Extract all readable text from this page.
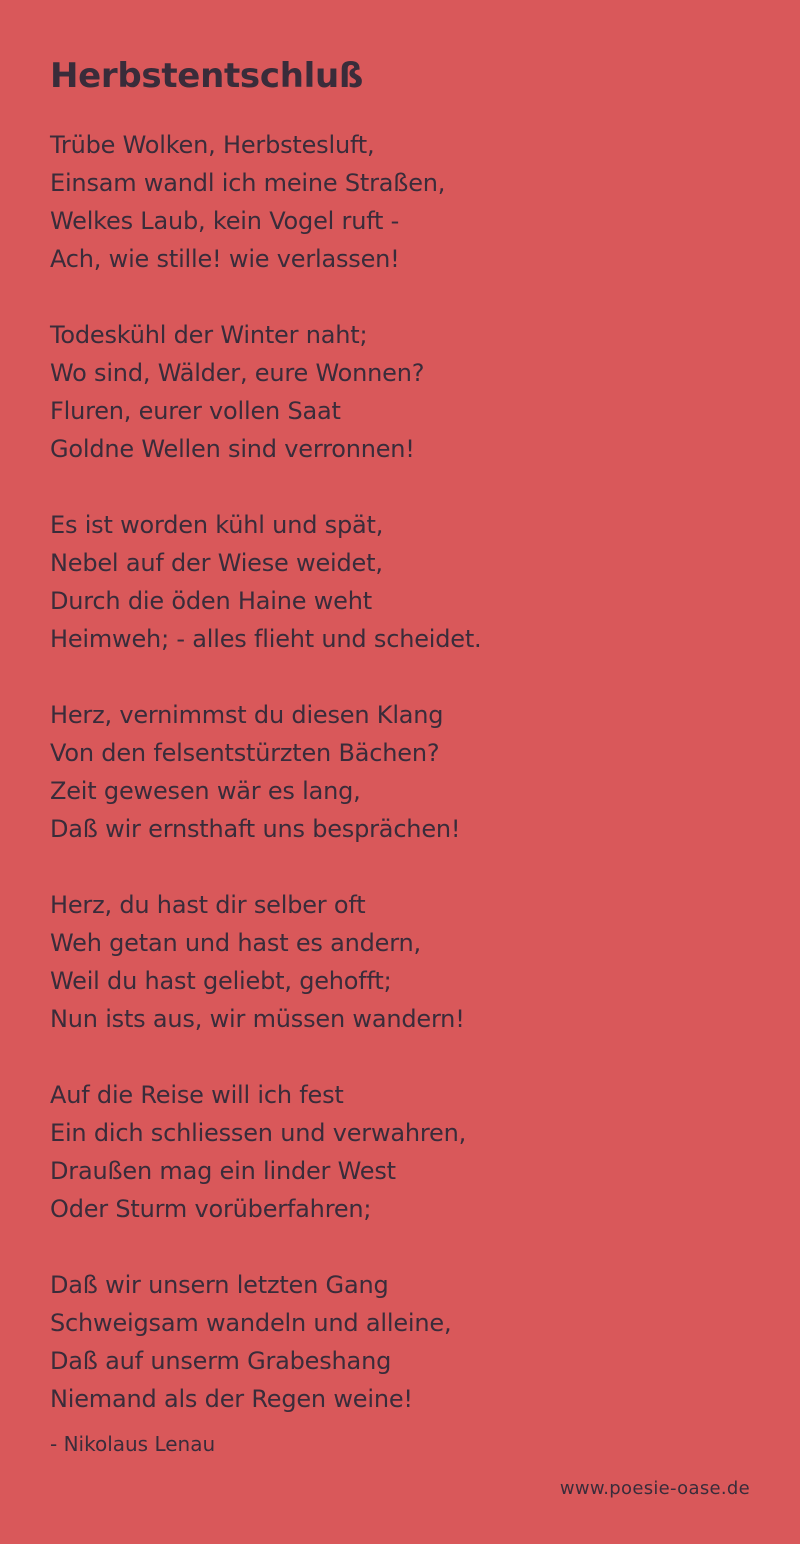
Herbstentschluß
Trübe Wolken, Herbstesluft,
Einsam wandl⁠ ich meine Straßen,
Welkes Laub, kein Vogel ruft -
Ach, wie stille! wie verlassen!
Todeskühl der Winter naht;
Wo sind, Wälder, eure Wonnen?
Fluren, eurer vollen Saat
Goldne Wellen sind verronnen!
Es ist worden kühl und spät,
Nebel auf der Wiese weidet,
Durch die öden Haine weht
Heimweh; - alles flieht und scheidet.
Herz, vernimmst du diesen Klang
Von den felsentstürzten Bächen?
Zeit gewesen wär⁠ es lang,
Daß wir ernsthaft uns besprächen!
Herz, du hast dir selber oft
Weh getan und hast es andern,
Weil du hast geliebt, gehofft;
Nun ist⁠s aus, wir müssen wandern!
Auf die Reise will ich fest
Ein dich schliessen und verwahren,
Draußen mag ein linder West
Oder Sturm vorüberfahren;
Daß wir unsern letzten Gang
Schweigsam wandeln und alleine,
Daß auf unserm Grabeshang
Niemand als der Regen weine!
- Nikolaus Lenau
www.poesie-oase.de
